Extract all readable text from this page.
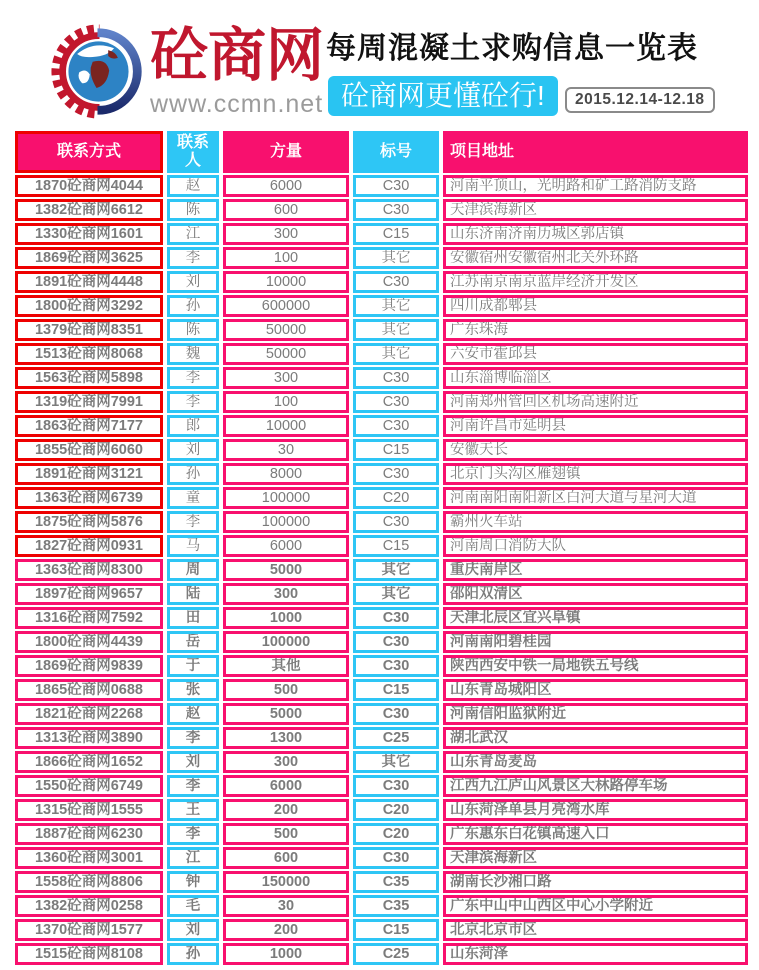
砼商网
www.ccmn.net
每周混凝土求购信息一览表
砼商网更懂砼行!	2015.12.14-12.18
联系方式	联系人	方量	标号	项目地址
1870砼商网4044	赵	6000	C30	河南平顶山，光明路和矿工路消防支路
1382砼商网6612	陈	600	C30	天津滨海新区
1330砼商网1601	江	300	C15	山东济南济南历城区郭店镇
1869砼商网3625	李	100	其它	安徽宿州安徽宿州北关外环路
1891砼商网4448	刘	10000	C30	江苏南京南京蓝岸经济开发区
1800砼商网3292	孙	600000	其它	四川成都郫县
1379砼商网8351	陈	50000	其它	广东珠海
1513砼商网8068	魏	50000	其它	六安市霍邱县
1563砼商网5898	李	300	C30	山东淄博临淄区
1319砼商网7991	李	100	C30	河南郑州管回区机场高速附近
1863砼商网7177	郎	10000	C30	河南许昌市延明县
1855砼商网6060	刘	30	C15	安徽天长
1891砼商网3121	孙	8000	C30	北京门头沟区雁翅镇
1363砼商网6739	童	100000	C20	河南南阳南阳新区白河大道与星河大道
1875砼商网5876	李	100000	C30	霸州火车站
1827砼商网0931	马	6000	C15	河南周口消防大队
1363砼商网8300	周	5000	其它	重庆南岸区
1897砼商网9657	陆	300	其它	邵阳双清区
1316砼商网7592	田	1000	C30	天津北辰区宜兴阜镇
1800砼商网4439	岳	100000	C30	河南南阳碧桂园
1869砼商网9839	于	其他	C30	陕西西安中铁一局地铁五号线
1865砼商网0688	张	500	C15	山东青岛城阳区
1821砼商网2268	赵	5000	C30	河南信阳监狱附近
1313砼商网3890	李	1300	C25	湖北武汉
1866砼商网1652	刘	300	其它	山东青岛麦岛
1550砼商网6749	李	6000	C30	江西九江庐山风景区大林路停车场
1315砼商网1555	王	200	C20	山东菏泽单县月亮湾水库
1887砼商网6230	李	500	C20	广东惠东白花镇高速入口
1360砼商网3001	江	600	C30	天津滨海新区
1558砼商网8806	钟	150000	C35	湖南长沙湘口路
1382砼商网0258	毛	30	C35	广东中山中山西区中心小学附近
1370砼商网1577	刘	200	C15	北京北京市区
1515砼商网8108	孙	1000	C25	山东菏泽
